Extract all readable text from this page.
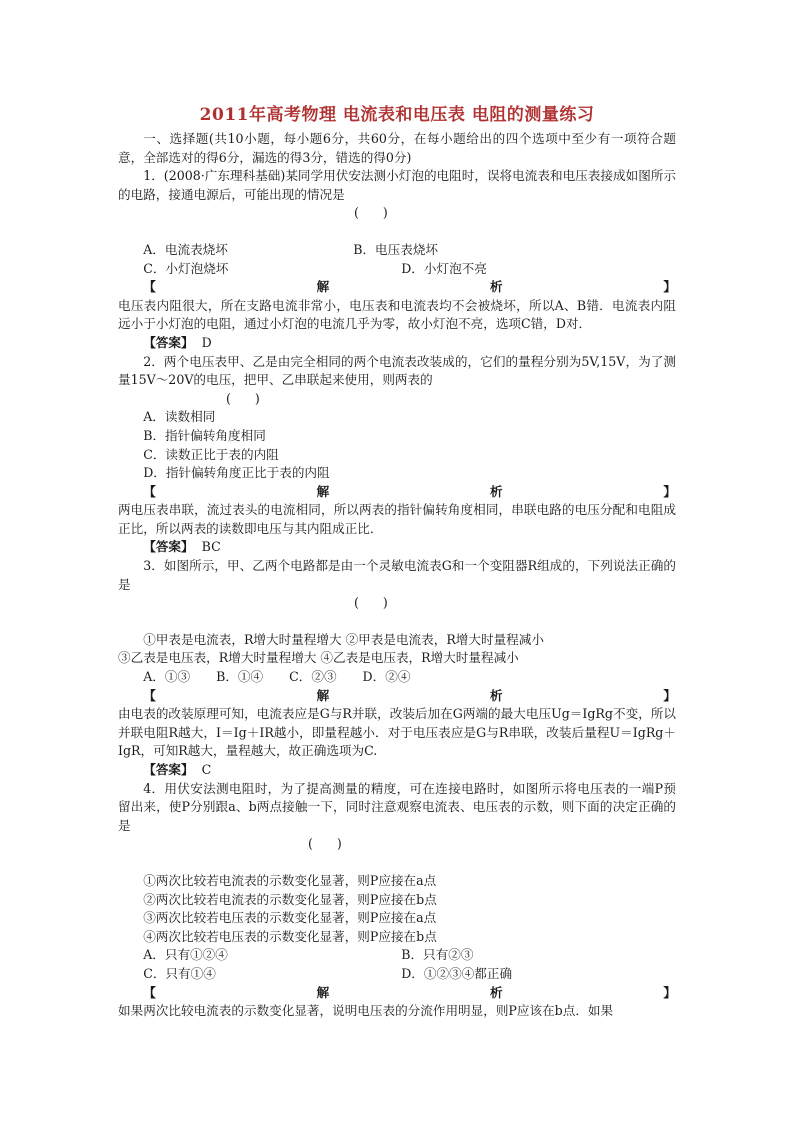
2011年高考物理 电流表和电压表 电阻的测量练习

一、选择题(共10小题，每小题6分，共60分，在每小题给出的四个选项中至少有一项符合题意，全部选对的得6分，漏选的得3分，错选的得0分)

1．(2008·广东理科基础)某同学用伏安法测小灯泡的电阻时，误将电流表和电压表接成如图所示的电路，接通电源后，可能出现的情况是

(      )

A．电流表烧坏	B．电压表烧坏
C．小灯泡烧坏	D．小灯泡不亮
【	解	析	】

电压表内阻很大，所在支路电流非常小，电压表和电流表均不会被烧坏，所以A、B错．电流表内阻远小于小灯泡的电阻，通过小灯泡的电流几乎为零，故小灯泡不亮，选项C错，D对．

【答案】 D

2．两个电压表甲、乙是由完全相同的两个电流表改装成的，它们的量程分别为5V,15V，为了测量15V～20V的电压，把甲、乙串联起来使用，则两表的

(      )

A．读数相同

B．指针偏转角度相同

C．读数正比于表的内阻

D．指针偏转角度正比于表的内阻

【	解	析	】

两电压表串联，流过表头的电流相同，所以两表的指针偏转角度相同，串联电路的电压分配和电阻成正比，所以两表的读数即电压与其内阻成正比．

【答案】 BC

3．如图所示，甲、乙两个电路都是由一个灵敏电流表G和一个变阻器R组成的，下列说法正确的是

(      )

①甲表是电流表，R增大时量程增大 ②甲表是电流表，R增大时量程减小

③乙表是电压表，R增大时量程增大 ④乙表是电压表，R增大时量程减小

A．①③ B．①④ C．②③ D．②④
【	解	析	】

由电表的改装原理可知，电流表应是G与R并联，改装后加在G两端的最大电压Ug＝IgRg不变，所以并联电阻R越大，I＝Ig＋IR越小，即量程越小．对于电压表应是G与R串联，改装后量程U＝IgRg＋IgR，可知R越大，量程越大，故正确选项为C.

【答案】 C

4．用伏安法测电阻时，为了提高测量的精度，可在连接电路时，如图所示将电压表的一端P预留出来，使P分别跟a、b两点接触一下，同时注意观察电流表、电压表的示数，则下面的决定正确的是

(      )

①两次比较若电流表的示数变化显著，则P应接在a点

②两次比较若电流表的示数变化显著，则P应接在b点

③两次比较若电压表的示数变化显著，则P应接在a点

④两次比较若电压表的示数变化显著，则P应接在b点

A．只有①②④	B．只有②③
C．只有①④	D．①②③④都正确
【	解	析	】

如果两次比较电流表的示数变化显著，说明电压表的分流作用明显，则P应该在b点．如果
